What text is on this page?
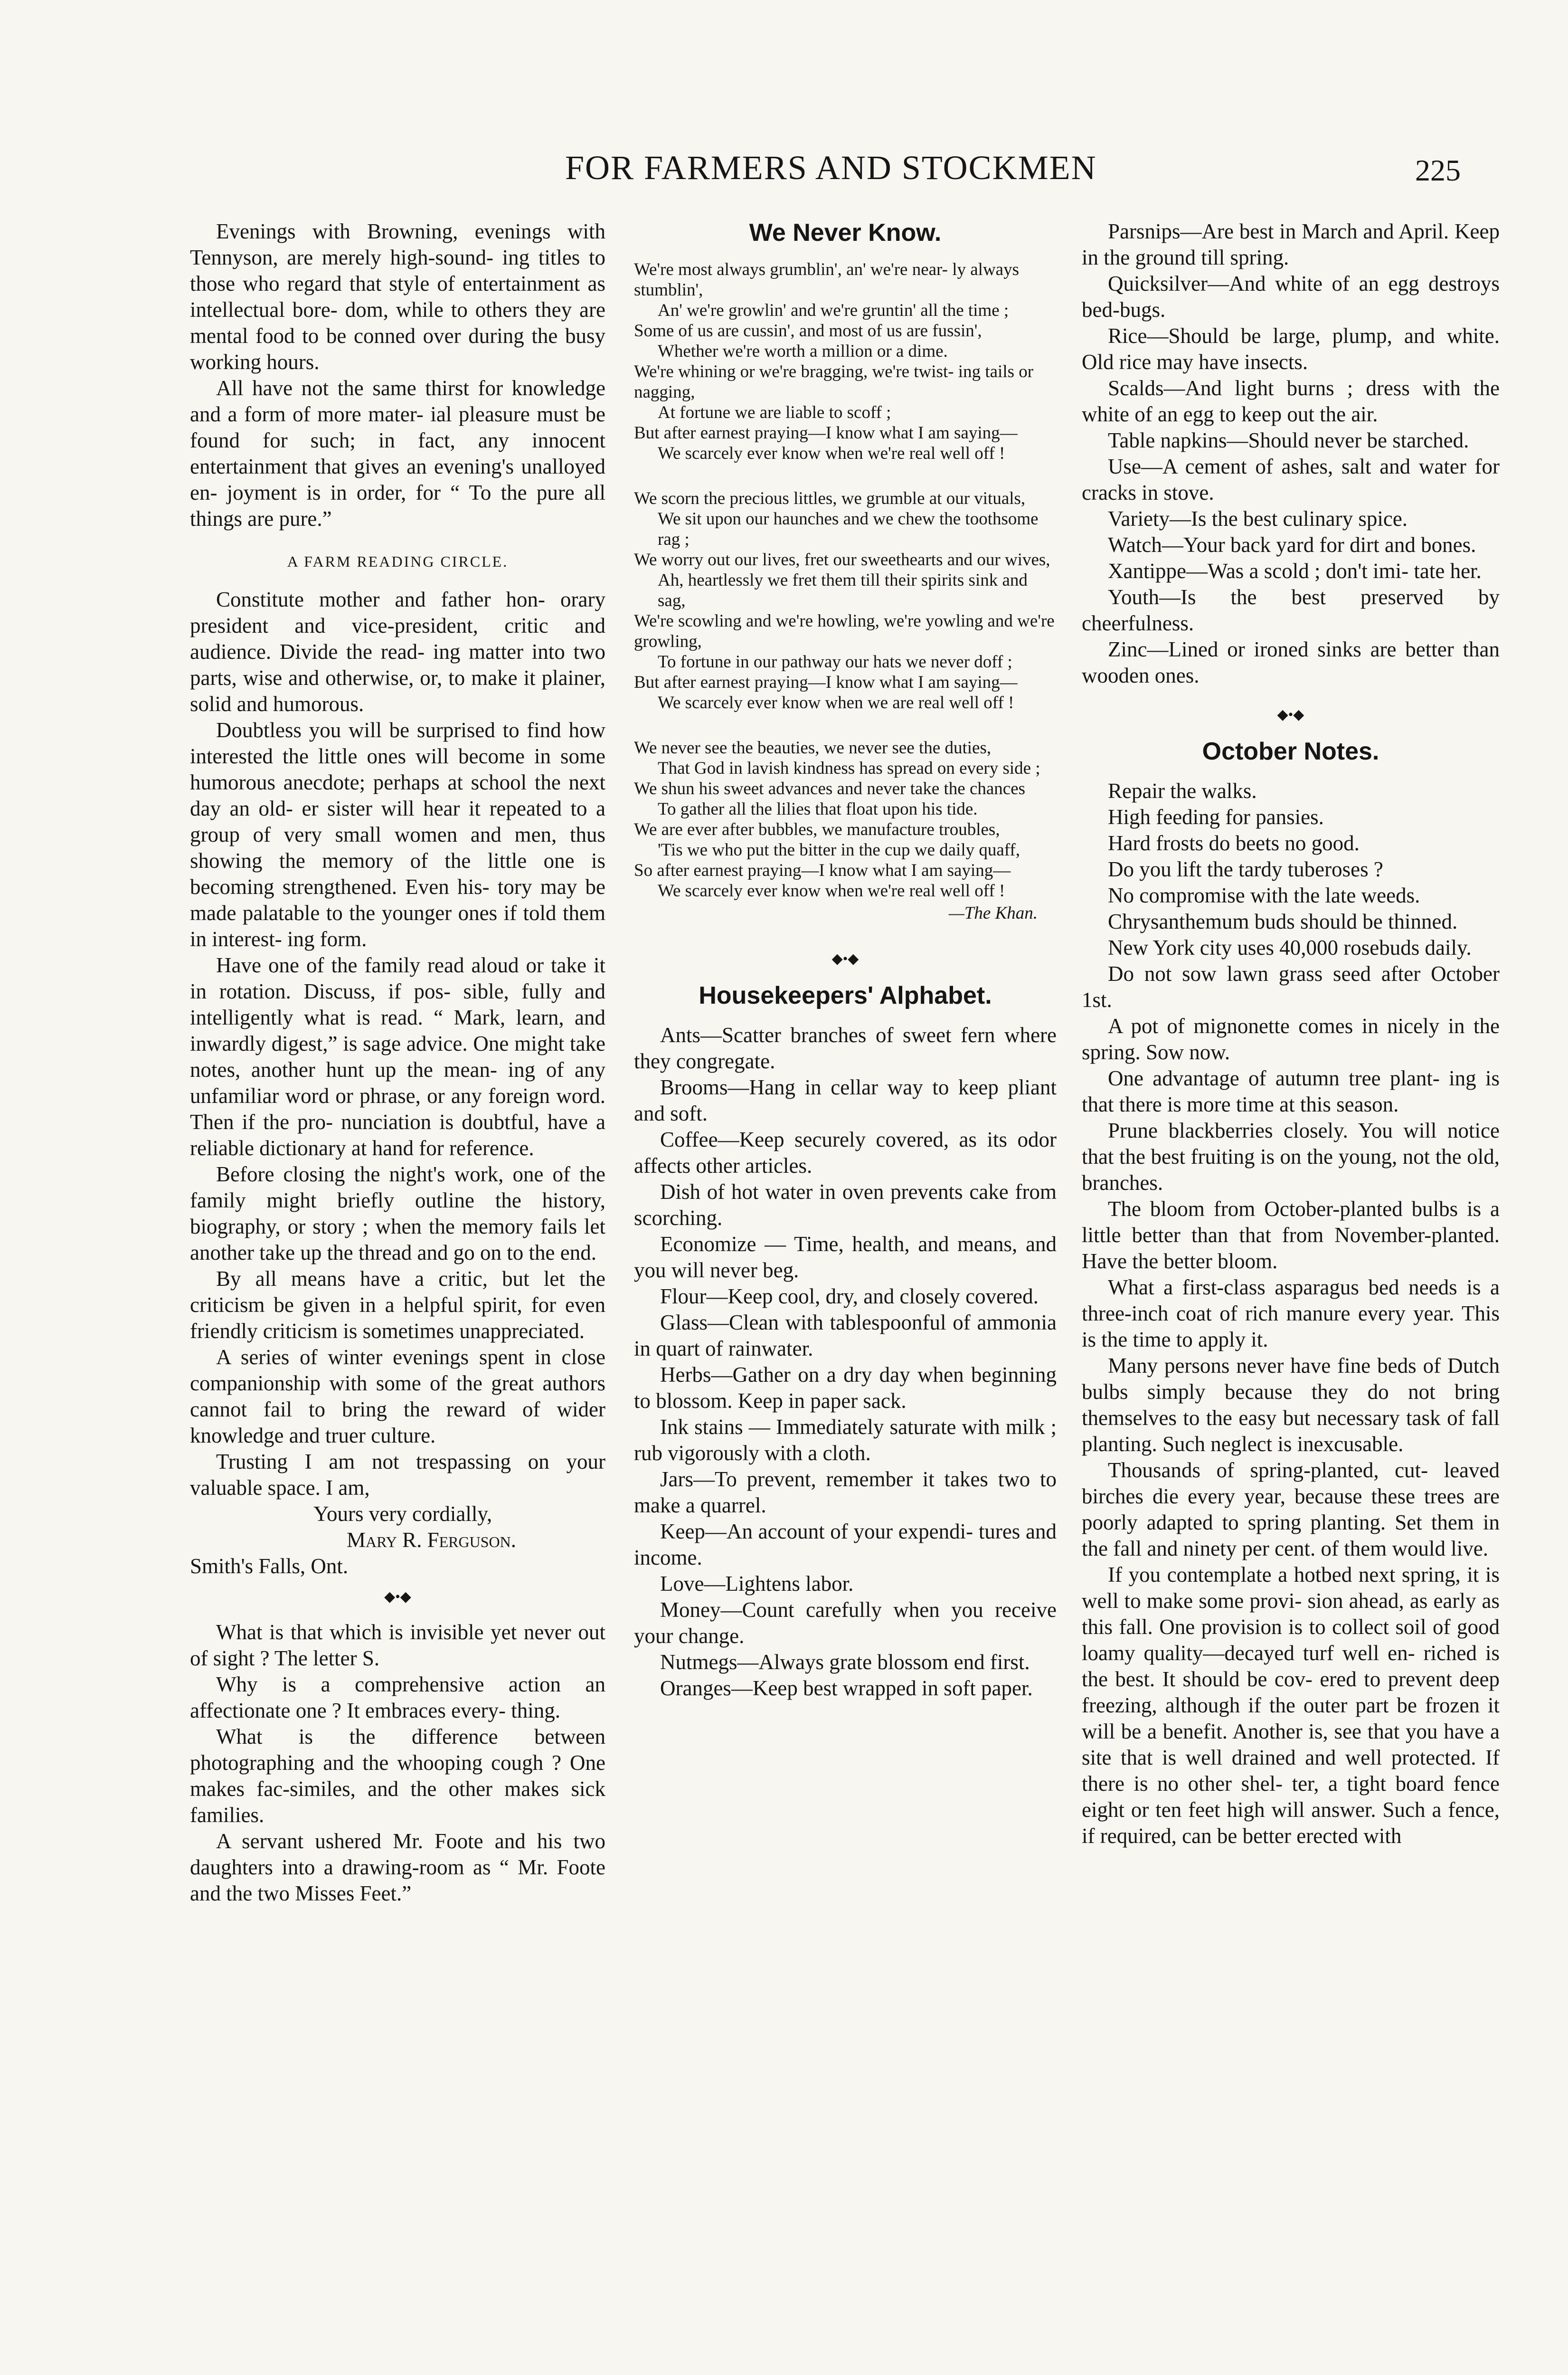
FOR FARMERS AND STOCKMEN	225

Evenings with Browning, evenings with Tennyson, are merely high-sound- ing titles to those who regard that style of entertainment as intellectual bore- dom, while to others they are mental food to be conned over during the busy working hours.

All have not the same thirst for knowledge and a form of more mater- ial pleasure must be found for such; in fact, any innocent entertainment that gives an evening's unalloyed en- joyment is in order, for “ To the pure all things are pure.”

A FARM READING CIRCLE.

Constitute mother and father hon- orary president and vice-president, critic and audience. Divide the read- ing matter into two parts, wise and otherwise, or, to make it plainer, solid and humorous.

Doubtless you will be surprised to find how interested the little ones will become in some humorous anecdote; perhaps at school the next day an old- er sister will hear it repeated to a group of very small women and men, thus showing the memory of the little one is becoming strengthened. Even his- tory may be made palatable to the younger ones if told them in interest- ing form.

Have one of the family read aloud or take it in rotation. Discuss, if pos- sible, fully and intelligently what is read. “ Mark, learn, and inwardly digest,” is sage advice. One might take notes, another hunt up the mean- ing of any unfamiliar word or phrase, or any foreign word. Then if the pro- nunciation is doubtful, have a reliable dictionary at hand for reference.

Before closing the night's work, one of the family might briefly outline the history, biography, or story ; when the memory fails let another take up the thread and go on to the end.

By all means have a critic, but let the criticism be given in a helpful spirit, for even friendly criticism is sometimes unappreciated.

A series of winter evenings spent in close companionship with some of the great authors cannot fail to bring the reward of wider knowledge and truer culture.

Trusting I am not trespassing on your valuable space. I am,

Yours very cordially,
Mary R. Ferguson.
Smith's Falls, Ont.
◆•◆

What is that which is invisible yet never out of sight ? The letter S.

Why is a comprehensive action an affectionate one ? It embraces every- thing.

What is the difference between photographing and the whooping cough ? One makes fac-similes, and the other makes sick families.

A servant ushered Mr. Foote and his two daughters into a drawing-room as “ Mr. Foote and the two Misses Feet.”

We Never Know.

We're most always grumblin', an' we're near- ly always stumblin',

An' we're growlin' and we're gruntin' all the time ;

Some of us are cussin', and most of us are fussin',

Whether we're worth a million or a dime.

We're whining or we're bragging, we're twist- ing tails or nagging,

At fortune we are liable to scoff ;

But after earnest praying—I know what I am saying—

We scarcely ever know when we're real well off !

We scorn the precious littles, we grumble at our vituals,

We sit upon our haunches and we chew the toothsome rag ;

We worry out our lives, fret our sweethearts and our wives,

Ah, heartlessly we fret them till their spirits sink and sag,

We're scowling and we're howling, we're yowling and we're growling,

To fortune in our pathway our hats we never doff ;

But after earnest praying—I know what I am saying—

We scarcely ever know when we are real well off !

We never see the beauties, we never see the duties,

That God in lavish kindness has spread on every side ;

We shun his sweet advances and never take the chances

To gather all the lilies that float upon his tide.

We are ever after bubbles, we manufacture troubles,

'Tis we who put the bitter in the cup we daily quaff,

So after earnest praying—I know what I am saying—

We scarcely ever know when we're real well off !

—The Khan.
◆•◆
Housekeepers' Alphabet.

Ants—Scatter branches of sweet fern where they congregate.

Brooms—Hang in cellar way to keep pliant and soft.

Coffee—Keep securely covered, as its odor affects other articles.

Dish of hot water in oven prevents cake from scorching.

Economize — Time, health, and means, and you will never beg.

Flour—Keep cool, dry, and closely covered.

Glass—Clean with tablespoonful of ammonia in quart of rainwater.

Herbs—Gather on a dry day when beginning to blossom. Keep in paper sack.

Ink stains — Immediately saturate with milk ; rub vigorously with a cloth.

Jars—To prevent, remember it takes two to make a quarrel.

Keep—An account of your expendi- tures and income.

Love—Lightens labor.

Money—Count carefully when you receive your change.

Nutmegs—Always grate blossom end first.

Oranges—Keep best wrapped in soft paper.

Parsnips—Are best in March and April. Keep in the ground till spring.

Quicksilver—And white of an egg destroys bed-bugs.

Rice—Should be large, plump, and white. Old rice may have insects.

Scalds—And light burns ; dress with the white of an egg to keep out the air.

Table napkins—Should never be starched.

Use—A cement of ashes, salt and water for cracks in stove.

Variety—Is the best culinary spice.

Watch—Your back yard for dirt and bones.

Xantippe—Was a scold ; don't imi- tate her.

Youth—Is the best preserved by cheerfulness.

Zinc—Lined or ironed sinks are better than wooden ones.

◆•◆
October Notes.

Repair the walks.

High feeding for pansies.

Hard frosts do beets no good.

Do you lift the tardy tuberoses ?

No compromise with the late weeds.

Chrysanthemum buds should be thinned.

New York city uses 40,000 rosebuds daily.

Do not sow lawn grass seed after October 1st.

A pot of mignonette comes in nicely in the spring. Sow now.

One advantage of autumn tree plant- ing is that there is more time at this season.

Prune blackberries closely. You will notice that the best fruiting is on the young, not the old, branches.

The bloom from October-planted bulbs is a little better than that from November-planted. Have the better bloom.

What a first-class asparagus bed needs is a three-inch coat of rich manure every year. This is the time to apply it.

Many persons never have fine beds of Dutch bulbs simply because they do not bring themselves to the easy but necessary task of fall planting. Such neglect is inexcusable.

Thousands of spring-planted, cut- leaved birches die every year, because these trees are poorly adapted to spring planting. Set them in the fall and ninety per cent. of them would live.

If you contemplate a hotbed next spring, it is well to make some provi- sion ahead, as early as this fall. One provision is to collect soil of good loamy quality—decayed turf well en- riched is the best. It should be cov- ered to prevent deep freezing, although if the outer part be frozen it will be a benefit. Another is, see that you have a site that is well drained and well protected. If there is no other shel- ter, a tight board fence eight or ten feet high will answer. Such a fence, if required, can be better erected with
